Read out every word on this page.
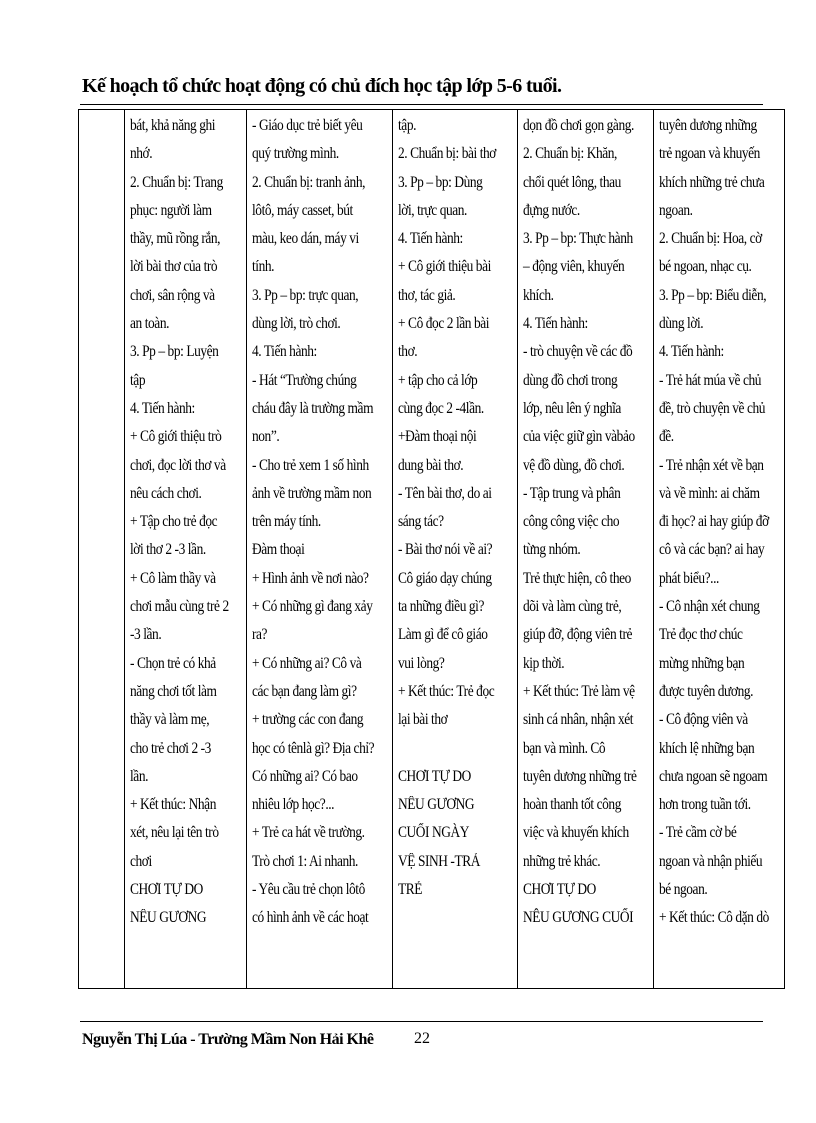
Kế hoạch tổ chức hoạt động có chủ đích học tập lớp 5-6 tuổi.

bát, khả năng ghi
nhớ.
2. Chuẩn bị: Trang
phục: người làm
thầy, mũ rồng rắn,
lời bài thơ của trò
chơi, sân rộng và
an toàn.
3. Pp – bp: Luyện
tập
4. Tiến hành:
+ Cô giới thiệu trò
chơi, đọc lời thơ và
nêu cách chơi.
+ Tập cho trẻ đọc
lời thơ 2 -3 lần.
+ Cô làm thầy và
chơi mẫu cùng trẻ 2
-3 lần.
- Chọn trẻ có khả
năng chơi tốt làm
thầy và làm mẹ,
cho trẻ chơi 2 -3
lần.
+ Kết thúc: Nhận
xét, nêu lại tên trò
chơi
CHƠI TỰ DO
NÊU GƯƠNG

- Giáo dục trẻ biết yêu
quý trường mình.
2. Chuẩn bị: tranh ảnh,
lôtô, máy casset, bút
màu, keo dán, máy vi
tính.
3. Pp – bp: trực quan,
dùng lời, trò chơi.
4. Tiến hành:
- Hát “Trường chúng
cháu đây là trường mầm
non”.
- Cho trẻ xem 1 số hình
ảnh về trường mầm non
trên máy tính.
Đàm thoại
+ Hình ảnh về nơi nào?
+ Có những gì đang xảy
ra?
+ Có những ai? Cô và
các bạn đang làm gì?
+ trường các con đang
học có tênlà gì? Địa chỉ?
Có những ai? Có bao
nhiêu lớp học?...
+ Trẻ ca hát về trường.
Trò chơi 1: Ai nhanh.
- Yêu cầu trẻ chọn lôtô
có hình ảnh về các hoạt

tập.
2. Chuẩn bị: bài thơ
3. Pp – bp: Dùng
lời, trực quan.
4. Tiến hành:
+ Cô giới thiệu bài
thơ, tác giả.
+ Cô đọc 2 lần bài
thơ.
+ tập cho cả lớp
cùng đọc 2 -4lần.
+Đàm thoại nội
dung bài thơ.
- Tên bài thơ, do ai
sáng tác?
- Bài thơ nói về ai?
Cô giáo dạy chúng
ta những điều gì?
Làm gì để cô giáo
vui lòng?
+ Kết thúc: Trẻ đọc
lại bài thơ

CHƠI TỰ DO
NÊU GƯƠNG
CUỐI NGÀY
VỆ SINH -TRẢ
TRẺ

dọn đồ chơi gọn gàng.
2. Chuẩn bị: Khăn,
chổi quét lông, thau
đựng nước.
3. Pp – bp: Thực hành
– động viên, khuyến
khích.
4. Tiến hành:
- trò chuyện về các đồ
dùng đồ chơi trong
lớp, nêu lên ý nghĩa
của việc giữ gìn vàbảo
vệ đồ dùng, đồ chơi.
- Tập trung và phân
công công việc cho
từng nhóm.
Trẻ thực hiện, cô theo
dõi và làm cùng trẻ,
giúp đỡ, động viên trẻ
kịp thời.
+ Kết thúc: Trẻ làm vệ
sinh cá nhân, nhận xét
bạn và mình. Cô
tuyên dương những trẻ
hoàn thanh tốt công
việc và khuyến khích
những trẻ khác.
CHƠI TỰ DO
NÊU GƯƠNG CUỐI

tuyên dương những
trẻ ngoan và khuyến
khích những trẻ chưa
ngoan.
2. Chuẩn bị: Hoa, cờ
bé ngoan, nhạc cụ.
3. Pp – bp: Biểu diễn,
dùng lời.
4. Tiến hành:
- Trẻ hát múa về chủ
đề, trò chuyện về chủ
đề.
- Trẻ nhận xét về bạn
và về mình: ai chăm
đi học? ai hay giúp đỡ
cô và các bạn? ai hay
phát biểu?...
- Cô nhận xét chung
Trẻ đọc thơ chúc
mừng những bạn
được tuyên dương.
- Cô động viên và
khích lệ những bạn
chưa ngoan sẽ ngoam
hơn trong tuần tới.
- Trẻ cầm cờ bé
ngoan và nhận phiếu
bé ngoan.
+ Kết thúc: Cô dặn dò
Nguyễn Thị Lúa - Trường Mầm Non Hải Khê	22
